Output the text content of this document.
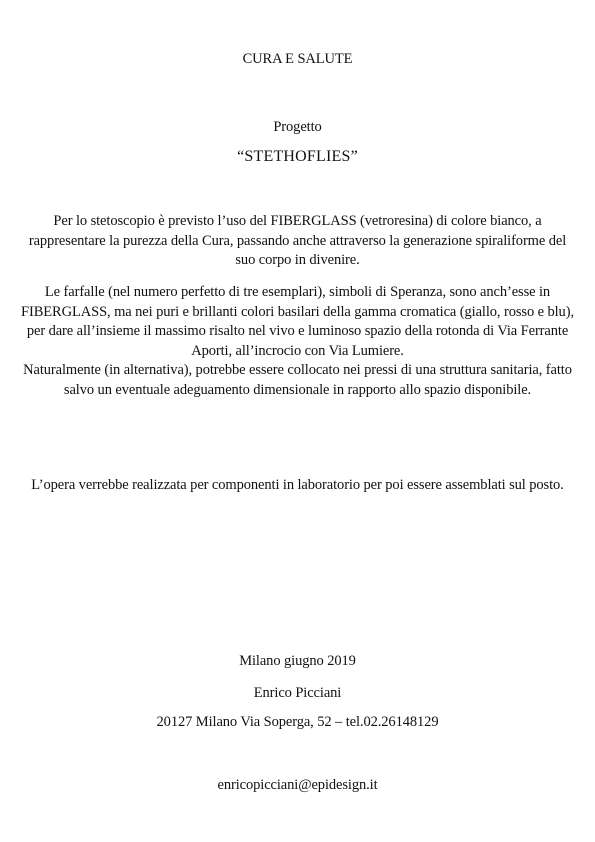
CURA E SALUTE
Progetto
“STETHOFLIES”

Per lo stetoscopio è previsto l’uso del FIBERGLASS (vetroresina) di colore bianco, a rappresentare la purezza della Cura, passando anche attraverso la generazione spiraliforme del suo corpo in divenire.

Le farfalle (nel numero perfetto di tre esemplari), simboli di Speranza, sono anch’esse in FIBERGLASS, ma nei puri e brillanti colori basilari della gamma cromatica (giallo, rosso e blu), per dare all’insieme il massimo risalto nel vivo e luminoso spazio della rotonda di Via Ferrante Aporti, all’incrocio con Via Lumiere.

Naturalmente (in alternativa), potrebbe essere collocato nei pressi di una struttura sanitaria, fatto salvo un eventuale adeguamento dimensionale in rapporto allo spazio disponibile.

L’opera verrebbe realizzata per componenti in laboratorio per poi essere assemblati sul posto.

Milano giugno 2019
Enrico Picciani
20127 Milano Via Soperga, 52 – tel.02.26148129
enricopicciani@epidesign.it
